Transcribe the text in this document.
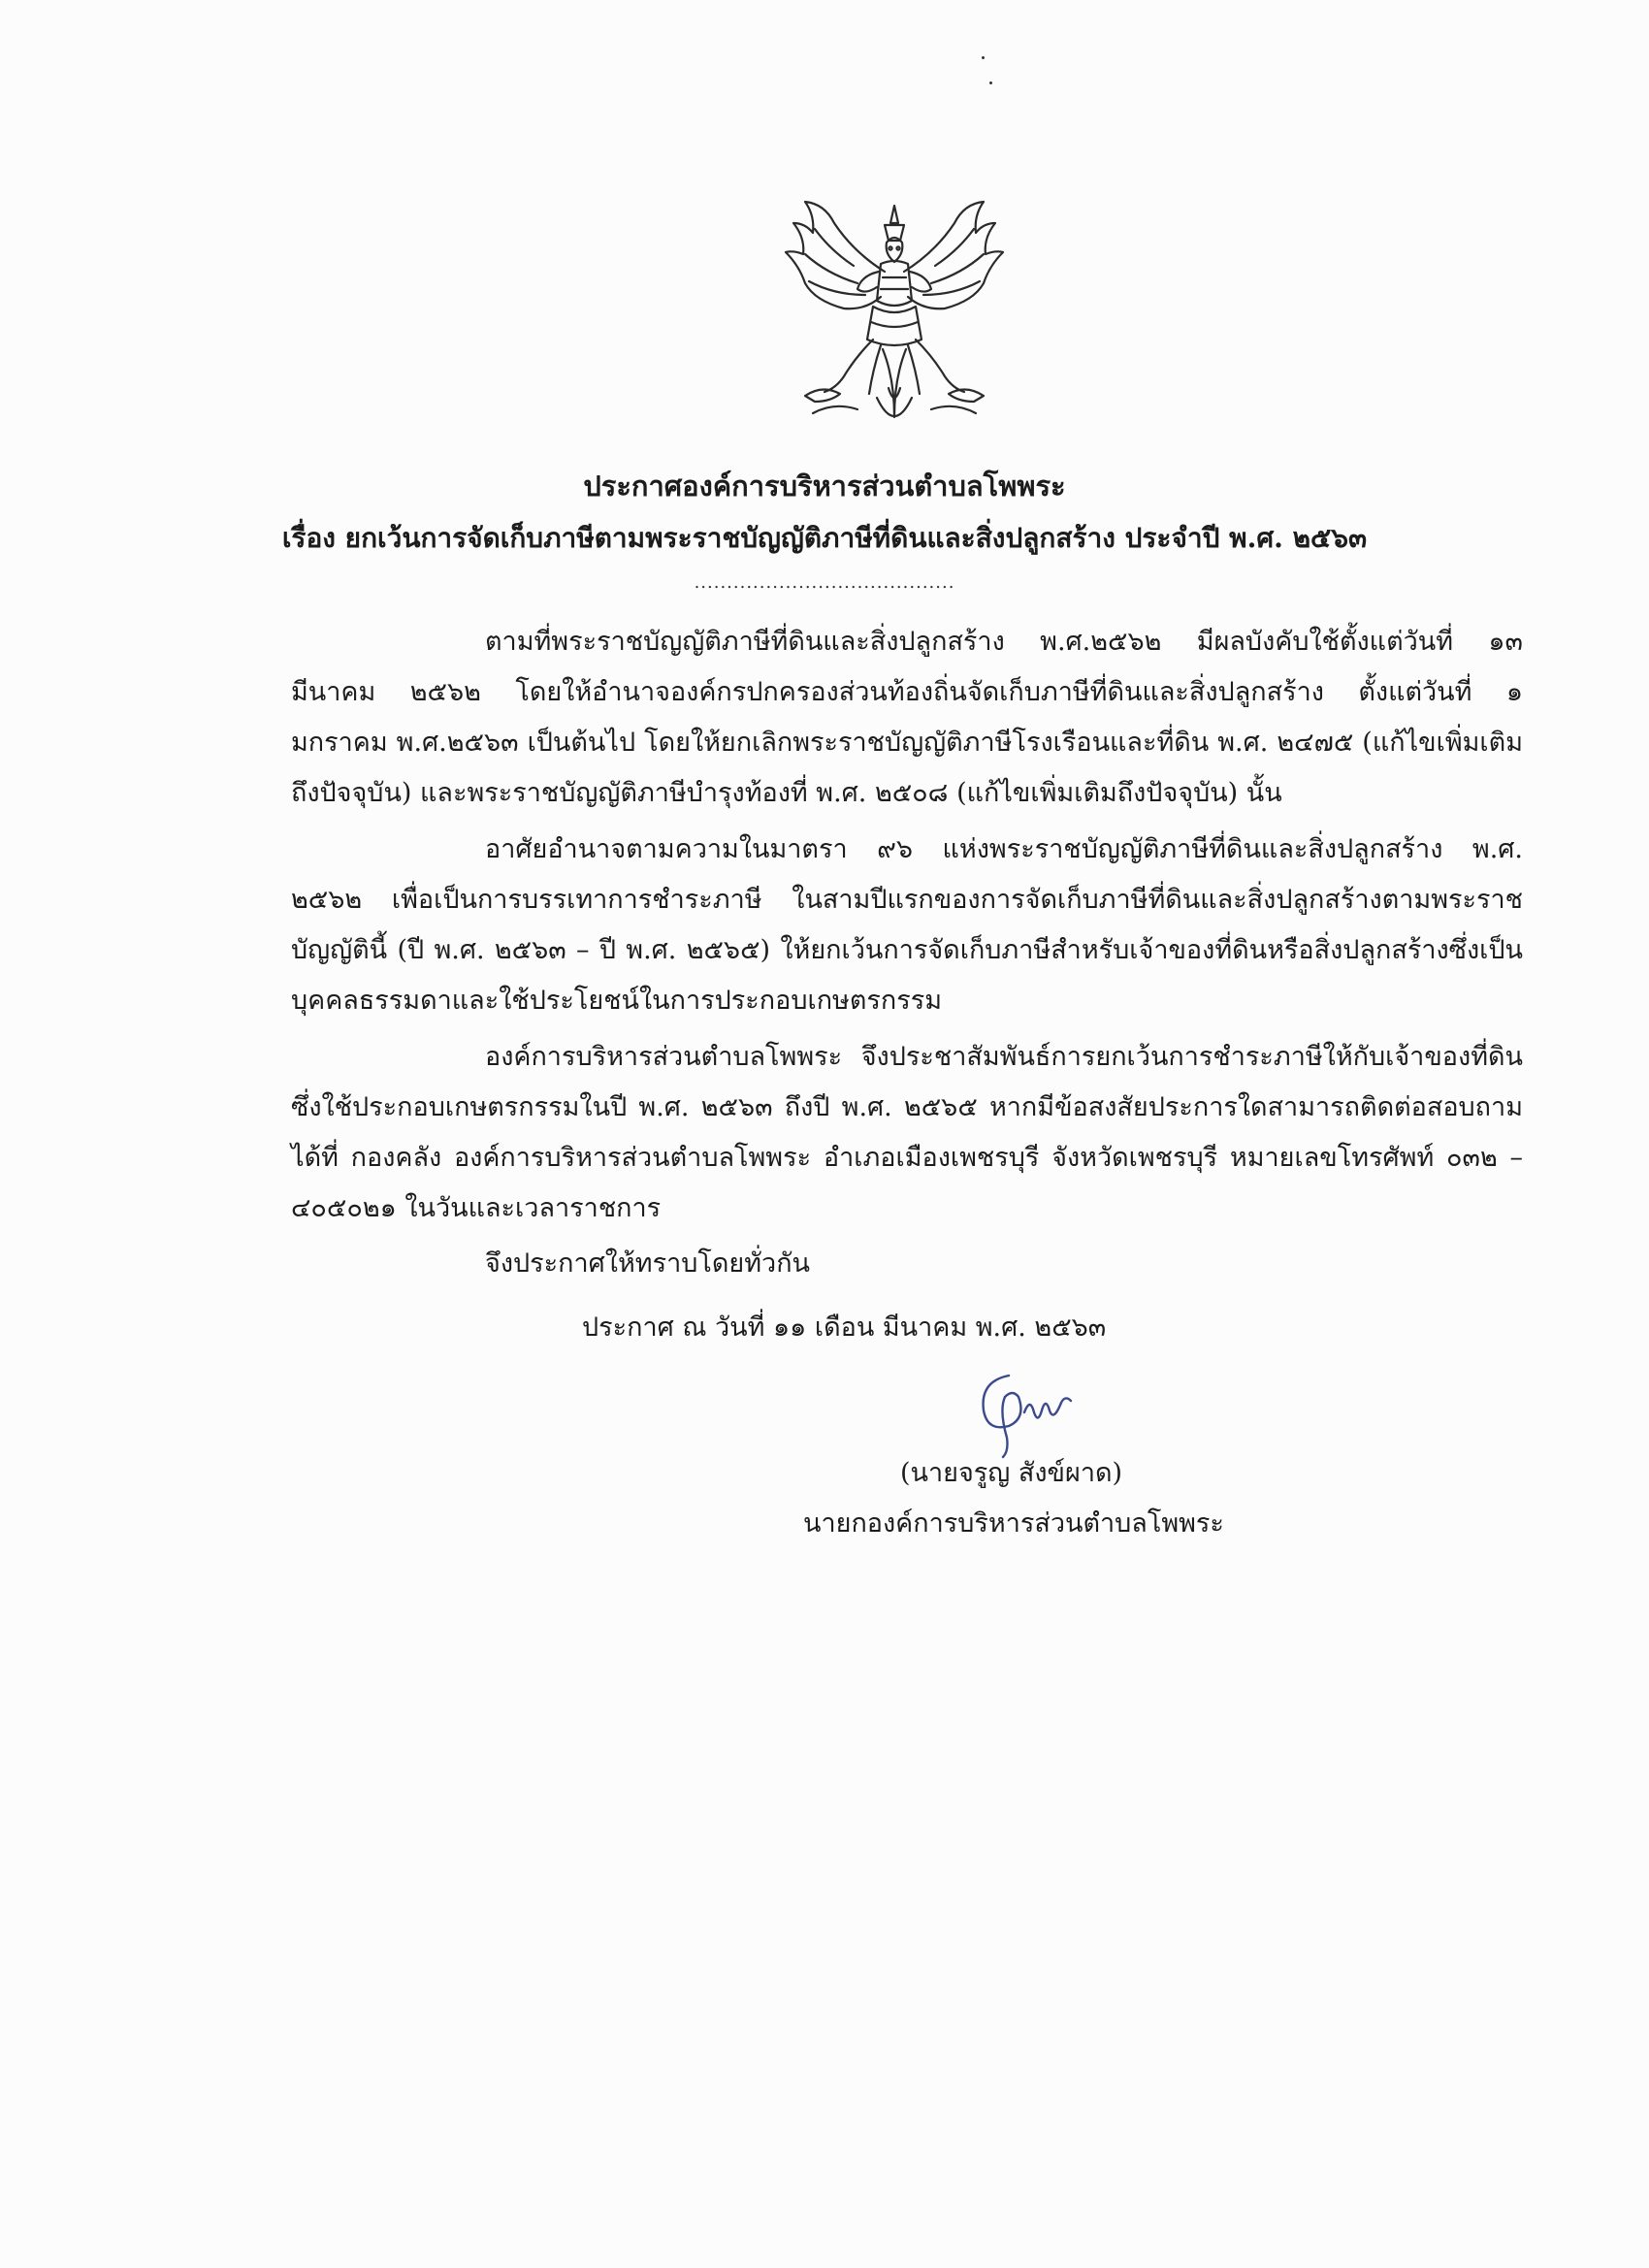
ประกาศองค์การบริหารส่วนตำบลโพพระ
เรื่อง ยกเว้นการจัดเก็บภาษีตามพระราชบัญญัติภาษีที่ดินและสิ่งปลูกสร้าง ประจำปี พ.ศ. ๒๕๖๓
........................................
ตามที่พระราชบัญญัติภาษีที่ดินและสิ่งปลูกสร้าง พ.ศ.๒๕๖๒ มีผลบังคับใช้ตั้งแต่วันที่ ๑๓ มีนาคม ๒๕๖๒ โดยให้อำนาจองค์กรปกครองส่วนท้องถิ่นจัดเก็บภาษีที่ดินและสิ่งปลูกสร้าง ตั้งแต่วันที่ ๑ มกราคม พ.ศ.๒๕๖๓ เป็นต้นไป โดยให้ยกเลิกพระราชบัญญัติภาษีโรงเรือนและที่ดิน พ.ศ. ๒๔๗๕ (แก้ไขเพิ่มเติมถึงปัจจุบัน) และพระราชบัญญัติภาษีบำรุงท้องที่ พ.ศ. ๒๕๐๘ (แก้ไขเพิ่มเติมถึงปัจจุบัน) นั้น
อาศัยอำนาจตามความในมาตรา ๙๖ แห่งพระราชบัญญัติภาษีที่ดินและสิ่งปลูกสร้าง พ.ศ. ๒๕๖๒ เพื่อเป็นการบรรเทาการชำระภาษี ในสามปีแรกของการจัดเก็บภาษีที่ดินและสิ่งปลูกสร้างตามพระราชบัญญัตินี้ (ปี พ.ศ. ๒๕๖๓ – ปี พ.ศ. ๒๕๖๕) ให้ยกเว้นการจัดเก็บภาษีสำหรับเจ้าของที่ดินหรือสิ่งปลูกสร้างซึ่งเป็นบุคคลธรรมดาและใช้ประโยชน์ในการประกอบเกษตรกรรม
องค์การบริหารส่วนตำบลโพพระ จึงประชาสัมพันธ์การยกเว้นการชำระภาษีให้กับเจ้าของที่ดินซึ่งใช้ประกอบเกษตรกรรมในปี พ.ศ. ๒๕๖๓ ถึงปี พ.ศ. ๒๕๖๕ หากมีข้อสงสัยประการใดสามารถติดต่อสอบถามได้ที่ กองคลัง องค์การบริหารส่วนตำบลโพพระ อำเภอเมืองเพชรบุรี จังหวัดเพชรบุรี หมายเลขโทรศัพท์ ๐๓๒ – ๔๐๕๐๒๑ ในวันและเวลาราชการ
จึงประกาศให้ทราบโดยทั่วกัน
ประกาศ ณ วันที่ ๑๑ เดือน มีนาคม พ.ศ. ๒๕๖๓
(นายจรูญ สังข์ผาด)
นายกองค์การบริหารส่วนตำบลโพพระ
